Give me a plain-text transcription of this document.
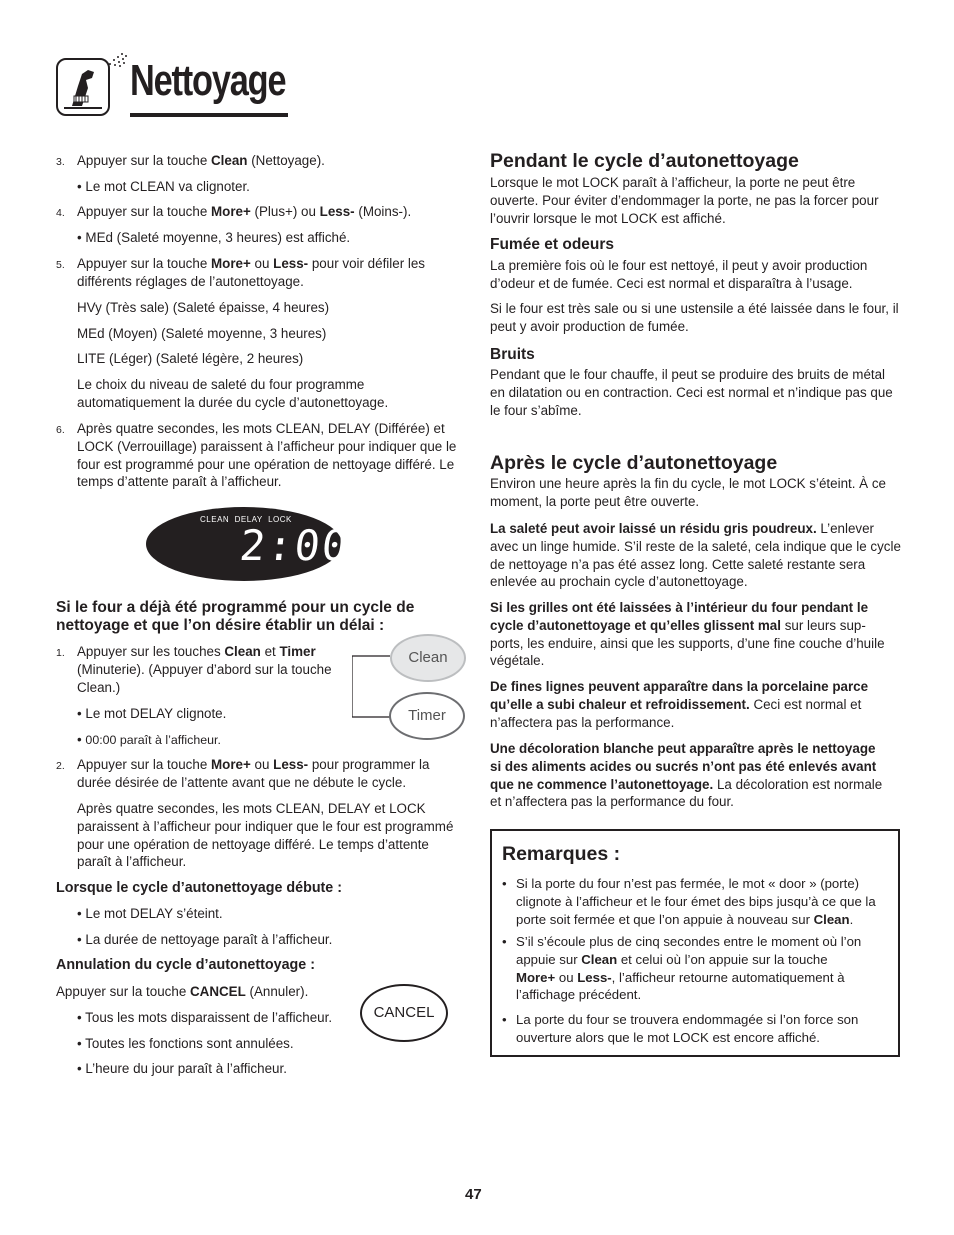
Nettoyage
3. Appuyer sur la touche Clean (Nettoyage).
• Le mot CLEAN va clignoter.
4. Appuyer sur la touche More+ (Plus+) ou Less- (Moins-).
• MEd (Saleté moyenne, 3 heures) est affiché.
5. Appuyer sur la touche More+ ou Less- pour voir défiler les
différents réglages de l’autonettoyage.
HVy (Très sale) (Saleté épaisse, 4 heures)
MEd (Moyen) (Saleté moyenne, 3 heures)
LITE (Léger) (Saleté légère, 2 heures)

Le choix du niveau de saleté du four programme

automatiquement la durée du cycle d’autonettoyage.

6. Après quatre secondes, les mots CLEAN, DELAY (Différée) et

LOCK (Verrouillage) paraissent à l’afficheur pour indiquer que le

four est programmé pour une opération de nettoyage différé. Le

temps d’attente paraît à l’afficheur.

CLEAN  DELAY  LOCK
2:00

Si le four a déjà été programmé pour un cycle de

nettoyage et que l’on désire établir un délai :

1. Appuyer sur les touches Clean et Timer

(Minuterie). (Appuyer d’abord sur la touche

Clean.)

• Le mot DELAY clignote.
• 00:00 paraît à l’afficheur.
Clean
Timer
2. Appuyer sur la touche More+ ou Less- pour programmer la
durée désirée de l’attente avant que ne débute le cycle.

Après quatre secondes, les mots CLEAN, DELAY et LOCK

paraissent à l’afficheur pour indiquer que le four est programmé

pour une opération de nettoyage différé. Le temps d’attente

paraît à l’afficheur.

Lorsque le cycle d’autonettoyage débute :
• Le mot DELAY s’éteint.
• La durée de nettoyage paraît à l’afficheur.
Annulation du cycle d’autonettoyage :
Appuyer sur la touche CANCEL (Annuler).
• Tous les mots disparaissent de l’afficheur.
• Toutes les fonctions sont annulées.
• L’heure du jour paraît à l’afficheur.
CANCEL
Pendant le cycle d’autonettoyage

Lorsque le mot LOCK paraît à l’afficheur, la porte ne peut être

ouverte. Pour éviter d’endommager la porte, ne pas la forcer pour

l’ouvrir lorsque le mot LOCK est affiché.

Fumée et odeurs

La première fois où le four est nettoyé, il peut y avoir production

d’odeur et de fumée. Ceci est normal et disparaîtra à l’usage.

Si le four est très sale ou si une ustensile a été laissée dans le four, il

peut y avoir production de fumée.

Bruits

Pendant que le four chauffe, il peut se produire des bruits de métal

en dilatation ou en contraction. Ceci est normal et n’indique pas que

le four s’abîme.

Après le cycle d’autonettoyage

Environ une heure après la fin du cycle, le mot LOCK s’éteint. À ce

moment, la porte peut être ouverte.

La saleté peut avoir laissé un résidu gris poudreux. L’enlever

avec un linge humide. S’il reste de la saleté, cela indique que le cycle

de nettoyage n’a pas été assez long. Cette saleté restante sera

enlevée au prochain cycle d’autonettoyage.

Si les grilles ont été laissées à l’intérieur du four pendant le

cycle d’autonettoyage et qu’elles glissent mal sur leurs sup-

ports, les enduire, ainsi que les supports, d’une fine couche d’huile

végétale.

De fines lignes peuvent apparaître dans la porcelaine parce

qu’elle a subi chaleur et refroidissement. Ceci est normal et

n’affectera pas la performance.

Une décoloration blanche peut apparaître après le nettoyage

si des aliments acides ou sucrés n’ont pas été enlevés avant

que ne commence l’autonettoyage. La décoloration est normale

et n’affectera pas la performance du four.

Remarques :
• Si la porte du four n’est pas fermée, le mot « door » (porte)

clignote à l’afficheur et le four émet des bips jusqu’à ce que la

porte soit fermée et que l’on appuie à nouveau sur Clean.

• S’il s’écoule plus de cinq secondes entre le moment où l’on

appuie sur Clean et celui où l’on appuie sur la touche

More+ ou Less-, l’afficheur retourne automatiquement à

l’affichage précédent.

• La porte du four se trouvera endommagée si l’on force son

ouverture alors que le mot LOCK est encore affiché.

47
